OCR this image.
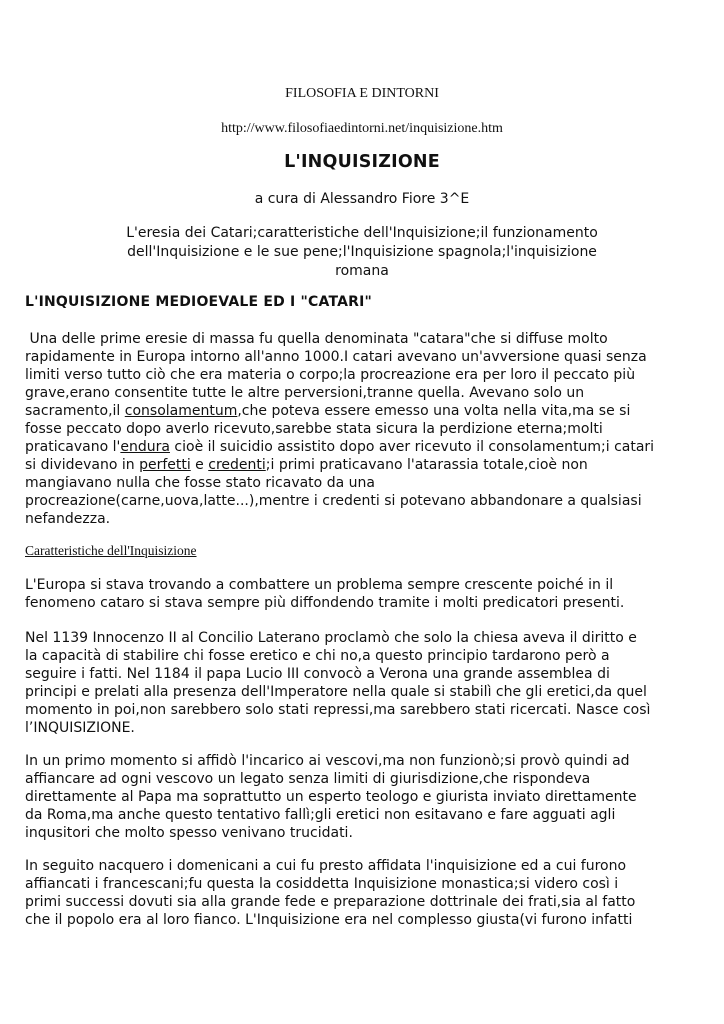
FILOSOFIA E DINTORNI
http://www.filosofiaedintorni.net/inquisizione.htm
L'INQUISIZIONE
a cura di Alessandro Fiore 3^E
L'eresia dei Catari;caratteristiche dell'Inquisizione;il funzionamento
dell'Inquisizione e le sue pene;l'Inquisizione spagnola;l'inquisizione
romana
L'INQUISIZIONE MEDIOEVALE ED I "CATARI"
Una delle prime eresie di massa fu quella denominata "catara"che si diffuse molto
rapidamente in Europa intorno all'anno 1000.I catari avevano un'avversione quasi senza
limiti verso tutto ciò che era materia o corpo;la procreazione era per loro il peccato più
grave,erano consentite tutte le altre perversioni,tranne quella. Avevano solo un
sacramento,il consolamentum,che poteva essere emesso una volta nella vita,ma se si
fosse peccato dopo averlo ricevuto,sarebbe stata sicura la perdizione eterna;molti
praticavano l'endura cioè il suicidio assistito dopo aver ricevuto il consolamentum;i catari
si dividevano in perfetti e credenti;i primi praticavano l'atarassia totale,cioè non
mangiavano nulla che fosse stato ricavato da una
procreazione(carne,uova,latte...),mentre i credenti si potevano abbandonare a qualsiasi
nefandezza.
Caratteristiche dell'Inquisizione
L'Europa si stava trovando a combattere un problema sempre crescente poiché in il
fenomeno cataro si stava sempre più diffondendo tramite i molti predicatori presenti.
Nel 1139 Innocenzo II al Concilio Laterano proclamò che solo la chiesa aveva il diritto e
la capacità di stabilire chi fosse eretico e chi no,a questo principio tardarono però a
seguire i fatti. Nel 1184 il papa Lucio III convocò a Verona una grande assemblea di
principi e prelati alla presenza dell'Imperatore nella quale si stabilì che gli eretici,da quel
momento in poi,non sarebbero solo stati repressi,ma sarebbero stati ricercati. Nasce così
l’INQUISIZIONE.
In un primo momento si affidò l'incarico ai vescovi,ma non funzionò;si provò quindi ad
affiancare ad ogni vescovo un legato senza limiti di giurisdizione,che rispondeva
direttamente al Papa ma soprattutto un esperto teologo e giurista inviato direttamente
da Roma,ma anche questo tentativo fallì;gli eretici non esitavano e fare agguati agli
inqusitori che molto spesso venivano trucidati.
In seguito nacquero i domenicani a cui fu presto affidata l'inquisizione ed a cui furono
affiancati i francescani;fu questa la cosiddetta Inquisizione monastica;si videro così i
primi successi dovuti sia alla grande fede e preparazione dottrinale dei frati,sia al fatto
che il popolo era al loro fianco. L'Inquisizione era nel complesso giusta(vi furono infatti
